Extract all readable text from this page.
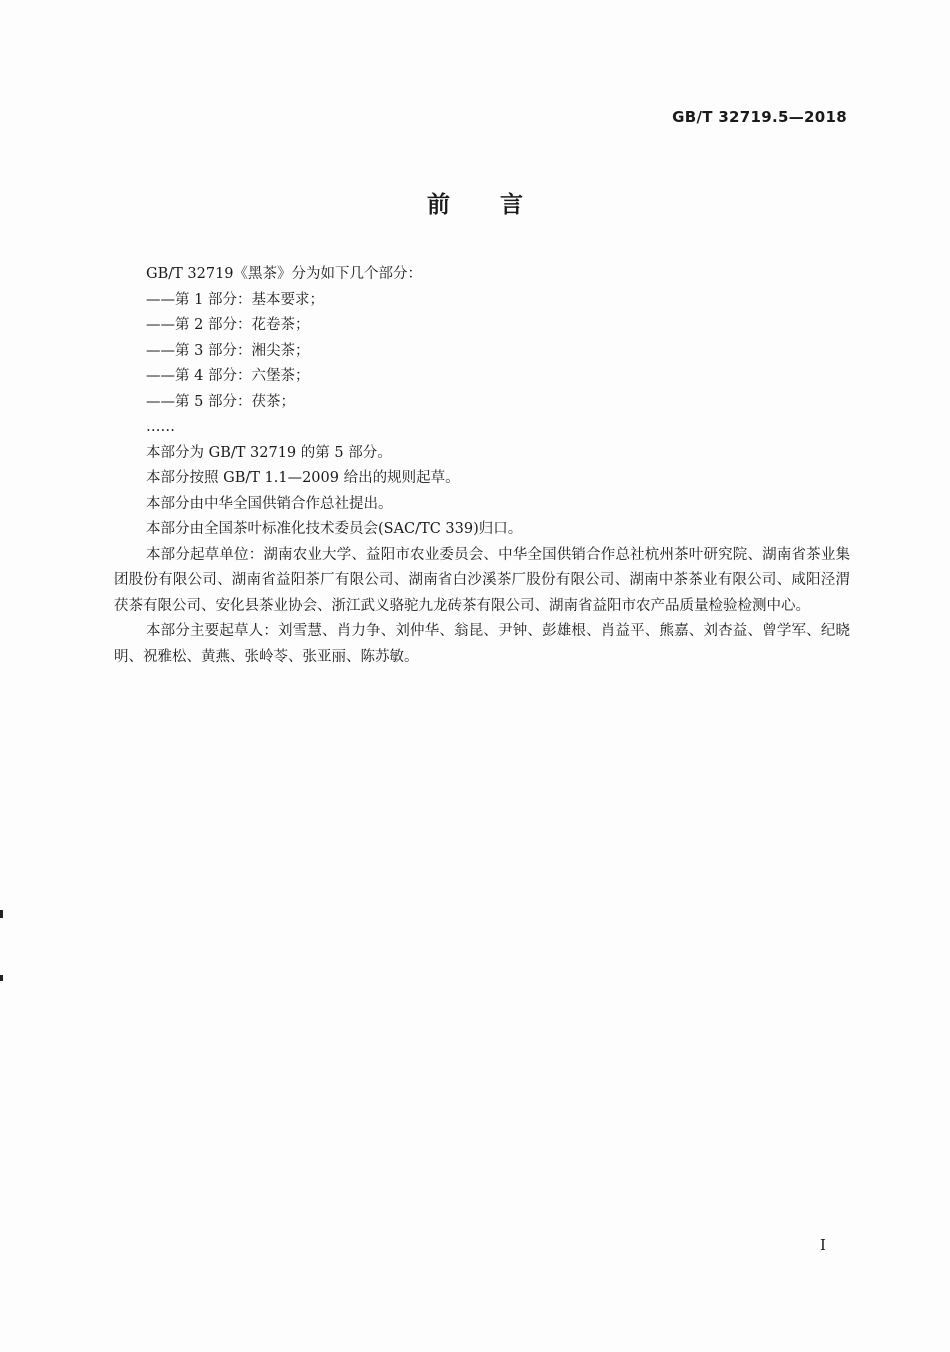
GB/T 32719.5—2018
前言

GB/T 32719《黑茶》分为如下几个部分：

——第 1 部分：基本要求；

——第 2 部分：花卷茶；

——第 3 部分：湘尖茶；

——第 4 部分：六堡茶；

——第 5 部分：茯茶；

……

本部分为 GB/T 32719 的第 5 部分。

本部分按照 GB/T 1.1—2009 给出的规则起草。

本部分由中华全国供销合作总社提出。

本部分由全国茶叶标准化技术委员会(SAC/TC 339)归口。

本部分起草单位：湖南农业大学、益阳市农业委员会、中华全国供销合作总社杭州茶叶研究院、湖南省茶业集团股份有限公司、湖南省益阳茶厂有限公司、湖南省白沙溪茶厂股份有限公司、湖南中茶茶业有限公司、咸阳泾渭茯茶有限公司、安化县茶业协会、浙江武义骆驼九龙砖茶有限公司、湖南省益阳市农产品质量检验检测中心。

本部分主要起草人：刘雪慧、肖力争、刘仲华、翁昆、尹钟、彭雄根、肖益平、熊嘉、刘杏益、曾学军、纪晓明、祝雅松、黄燕、张岭苓、张亚丽、陈苏敏。

I
